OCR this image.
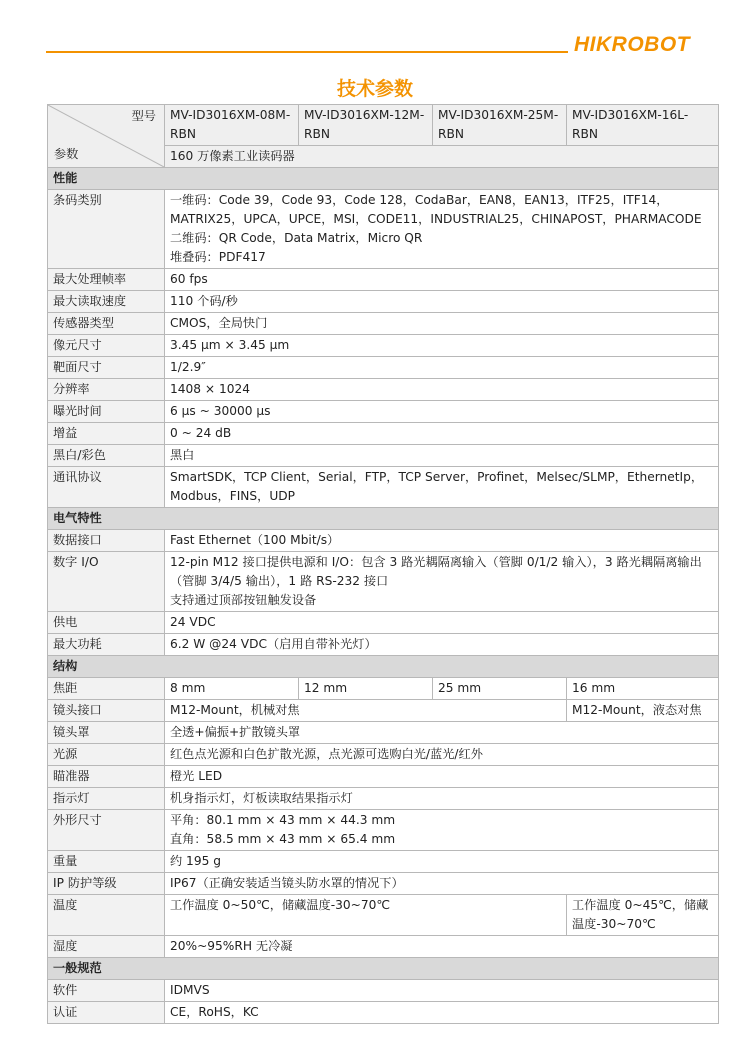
HIKROBOT
技术参数
型号
参数	MV-ID3016XM-08M-RBN	MV-ID3016XM-12M-RBN	MV-ID3016XM-25M-RBN	MV-ID3016XM-16L-RBN
	160 万像素工业读码器			
性能				
条码类别	一维码：Code 39，Code 93，Code 128，CodaBar，EAN8，EAN13，ITF25，ITF14，MATRIX25，UPCA，UPCE，MSI，CODE11，INDUSTRIAL25，CHINAPOST，PHARMACODE
二维码：QR Code，Data Matrix，Micro QR
堆叠码：PDF417			

最大处理帧率	60 fps			
最大读取速度	110 个码/秒			
传感器类型	CMOS，全局快门			
像元尺寸	3.45 µm × 3.45 µm			
靶面尺寸	1/2.9″			
分辨率	1408 × 1024			
曝光时间	6 µs ~ 30000 µs			
增益	0 ~ 24 dB			
黑白/彩色	黑白			
通讯协议	SmartSDK，TCP Client，Serial，FTP，TCP Server，Profinet，Melsec/SLMP，EthernetIp，Modbus，FINS，UDP			
电气特性				
数据接口	Fast Ethernet（100 Mbit/s）			
数字 I/O	12-pin M12 接口提供电源和 I/O：包含 3 路光耦隔离输入（管脚 0/1/2 输入），3 路光耦隔离输出（管脚 3/4/5 输出），1 路 RS-232 接口
支持通过顶部按钮触发设备			

供电	24 VDC			
最大功耗	6.2 W @24 VDC（启用自带补光灯）			
结构				
焦距	8 mm	12 mm	25 mm	16 mm
镜头接口	M12-Mount，机械对焦			M12-Mount，液态对焦
镜头罩	全透+偏振+扩散镜头罩			
光源	红色点光源和白色扩散光源，点光源可选购白光/蓝光/红外			
瞄准器	橙光 LED			
指示灯	机身指示灯，灯板读取结果指示灯			
外形尺寸	平角：80.1 mm × 43 mm × 44.3 mm
直角：58.5 mm × 43 mm × 65.4 mm			

重量	约 195 g			
IP 防护等级	IP67（正确安装适当镜头防水罩的情况下）			
温度	工作温度 0~50℃，储藏温度-30~70℃			工作温度 0~45℃，储藏温度-30~70℃
湿度	20%~95%RH 无冷凝			
一般规范				
软件	IDMVS			
认证	CE，RoHS，KC			
